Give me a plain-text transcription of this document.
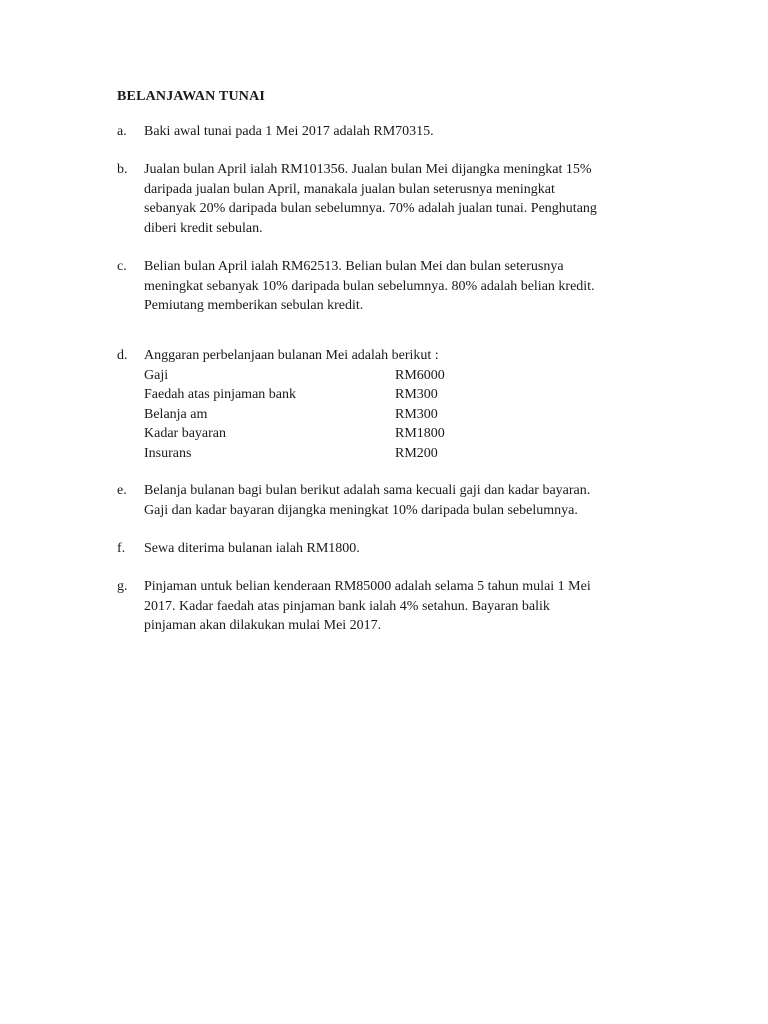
BELANJAWAN TUNAI
a.	Baki awal tunai pada 1 Mei 2017 adalah RM70315.

b.	Jualan bulan April ialah RM101356. Jualan bulan Mei dijangka meningkat 15%

daripada jualan bulan April, manakala jualan bulan seterusnya meningkat

sebanyak 20% daripada bulan sebelumnya. 70% adalah jualan tunai. Penghutang

diberi kredit sebulan.

c.	Belian bulan April ialah RM62513. Belian bulan Mei dan bulan seterusnya

meningkat sebanyak 10% daripada bulan sebelumnya. 80% adalah belian kredit.

Pemiutang memberikan sebulan kredit.

d.	Anggaran perbelanjaan bulanan Mei adalah berikut :

Gaji	RM6000
Faedah atas pinjaman bank	RM300
Belanja am	RM300
Kadar bayaran	RM1800
Insurans	RM200
e.	Belanja bulanan bagi bulan berikut adalah sama kecuali gaji dan kadar bayaran.

Gaji dan kadar bayaran dijangka meningkat 10% daripada bulan sebelumnya.

f.	Sewa diterima bulanan ialah RM1800.

g.	Pinjaman untuk belian kenderaan RM85000 adalah selama 5 tahun mulai 1 Mei

2017. Kadar faedah atas pinjaman bank ialah 4% setahun. Bayaran balik

pinjaman akan dilakukan mulai Mei 2017.
